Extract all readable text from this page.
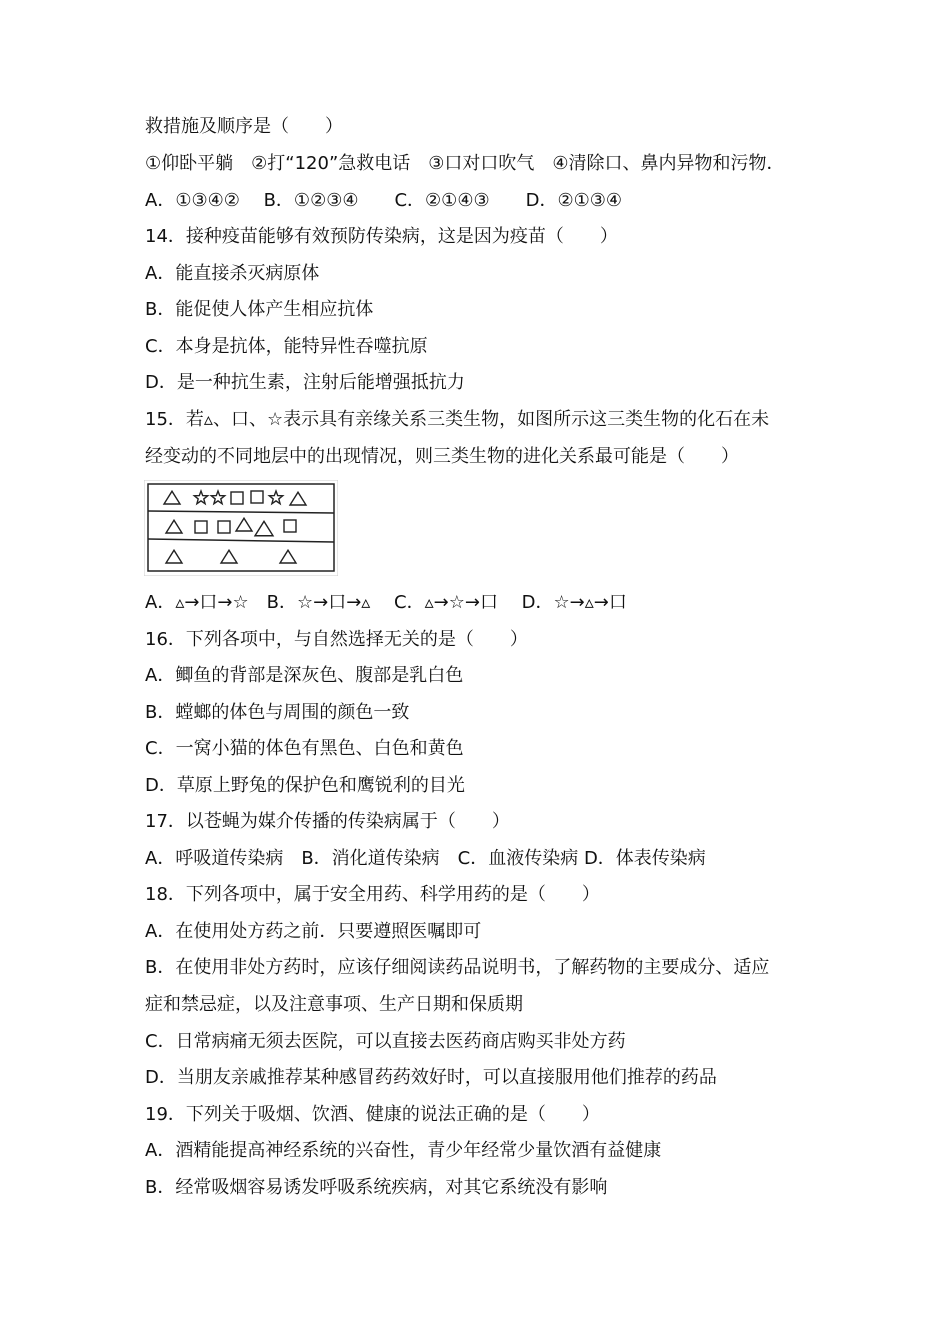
救措施及顺序是（　　）
①仰卧平躺　②打“120”急救电话　③口对口吹气　④清除口、鼻内异物和污物．
A．①③④②　 B．①②③④　　C．②①④③　　D．②①③④
14．接种疫苗能够有效预防传染病，这是因为疫苗（　　）
A．能直接杀灭病原体
B．能促使人体产生相应抗体
C．本身是抗体，能特异性吞噬抗原
D．是一种抗生素，注射后能增强抵抗力
15．若▵、口、☆表示具有亲缘关系三类生物，如图所示这三类生物的化石在未
经变动的不同地层中的出现情况，则三类生物的进化关系最可能是（　　）
A．▵→口→☆　B．☆→口→▵　 C．▵→☆→口　 D．☆→▵→口
16．下列各项中，与自然选择无关的是（　　）
A．鲫鱼的背部是深灰色、腹部是乳白色
B．螳螂的体色与周围的颜色一致
C．一窝小猫的体色有黑色、白色和黄色
D．草原上野兔的保护色和鹰锐利的目光
17．以苍蝇为媒介传播的传染病属于（　　）
A．呼吸道传染病　B．消化道传染病　C．血液传染病 D．体表传染病
18．下列各项中，属于安全用药、科学用药的是（　　）
A．在使用处方药之前．只要遵照医嘱即可
B．在使用非处方药时，应该仔细阅读药品说明书，了解药物的主要成分、适应
症和禁忌症，以及注意事项、生产日期和保质期
C．日常病痛无须去医院，可以直接去医药商店购买非处方药
D．当朋友亲戚推荐某种感冒药药效好时，可以直接服用他们推荐的药品
19．下列关于吸烟、饮酒、健康的说法正确的是（　　）
A．酒精能提高神经系统的兴奋性，青少年经常少量饮酒有益健康
B．经常吸烟容易诱发呼吸系统疾病，对其它系统没有影响
